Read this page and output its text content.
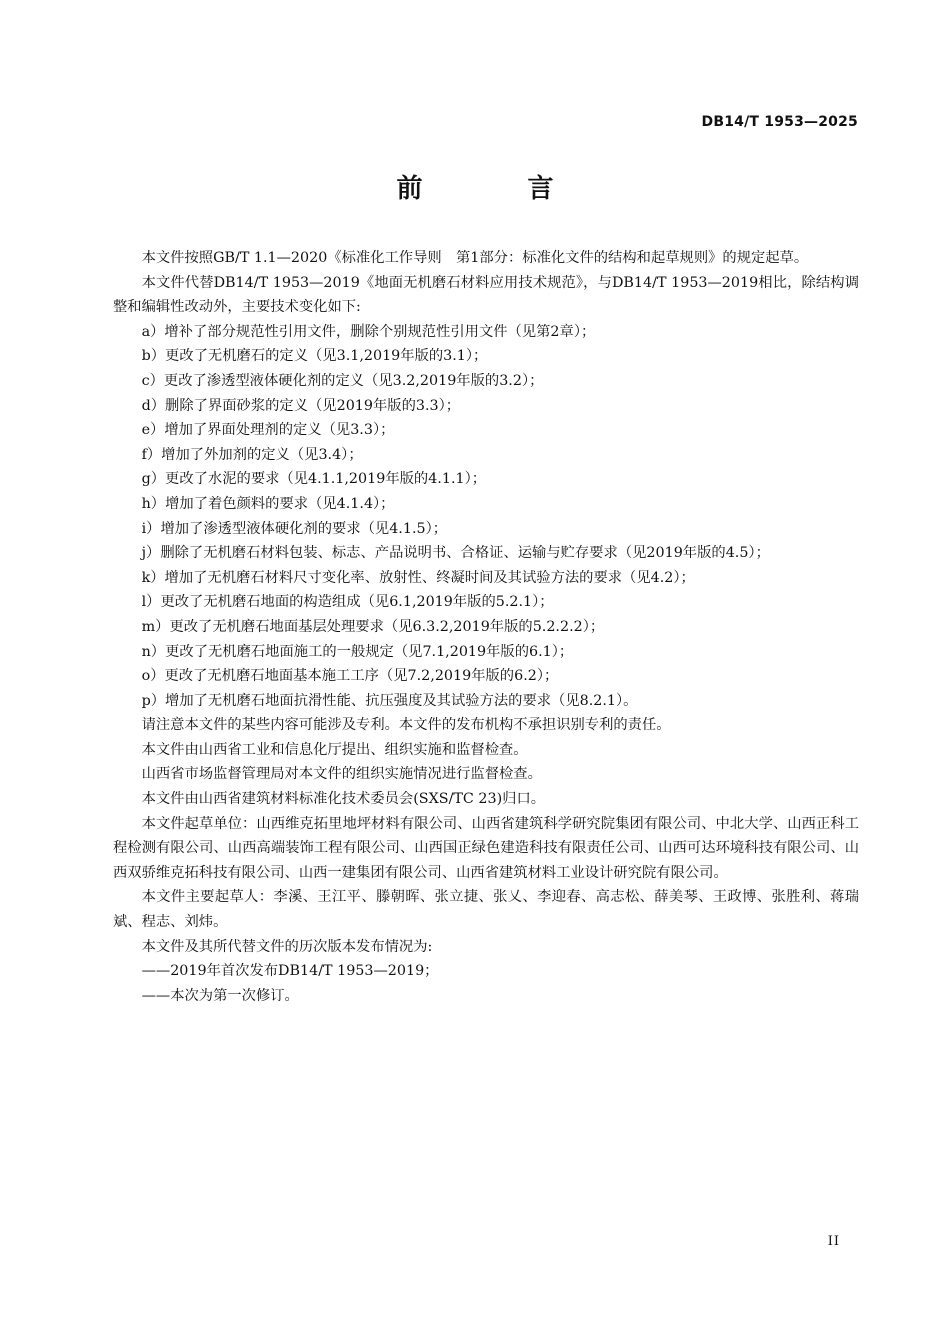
DB14/T 1953—2025
前 言

本文件按照GB/T 1.1—2020《标准化工作导则　第1部分：标准化文件的结构和起草规则》的规定起草。

本文件代替DB14/T 1953—2019《地面无机磨石材料应用技术规范》，与DB14/T 1953—2019相比，除结构调整和编辑性改动外，主要技术变化如下:

a）增补了部分规范性引用文件，删除个别规范性引用文件（见第2章）；

b）更改了无机磨石的定义（见3.1,2019年版的3.1）；

c）更改了渗透型液体硬化剂的定义（见3.2,2019年版的3.2）；

d）删除了界面砂浆的定义（见2019年版的3.3）；

e）增加了界面处理剂的定义（见3.3）；

f）增加了外加剂的定义（见3.4）；

g）更改了水泥的要求（见4.1.1,2019年版的4.1.1）；

h）增加了着色颜料的要求（见4.1.4）；

i）增加了渗透型液体硬化剂的要求（见4.1.5）；

j）删除了无机磨石材料包装、标志、产品说明书、合格证、运输与贮存要求（见2019年版的4.5）；

k）增加了无机磨石材料尺寸变化率、放射性、终凝时间及其试验方法的要求（见4.2）；

l）更改了无机磨石地面的构造组成（见6.1,2019年版的5.2.1）；

m）更改了无机磨石地面基层处理要求（见6.3.2,2019年版的5.2.2.2）；

n）更改了无机磨石地面施工的一般规定（见7.1,2019年版的6.1）；

o）更改了无机磨石地面基本施工工序（见7.2,2019年版的6.2）；

p）增加了无机磨石地面抗滑性能、抗压强度及其试验方法的要求（见8.2.1）。

请注意本文件的某些内容可能涉及专利。本文件的发布机构不承担识别专利的责任。

本文件由山西省工业和信息化厅提出、组织实施和监督检查。

山西省市场监督管理局对本文件的组织实施情况进行监督检查。

本文件由山西省建筑材料标准化技术委员会(SXS/TC 23)归口。

本文件起草单位：山西维克拓里地坪材料有限公司、山西省建筑科学研究院集团有限公司、中北大学、山西正科工程检测有限公司、山西高端装饰工程有限公司、山西国正绿色建造科技有限责任公司、山西可达环境科技有限公司、山西双骄维克拓科技有限公司、山西一建集团有限公司、山西省建筑材料工业设计研究院有限公司。

本文件主要起草人：李溪、王江平、滕朝晖、张立捷、张乂、李迎春、高志松、薛美琴、王政博、张胜利、蒋瑞斌、程志、刘炜。

本文件及其所代替文件的历次版本发布情况为:

——2019年首次发布DB14/T 1953—2019；

——本次为第一次修订。

II
